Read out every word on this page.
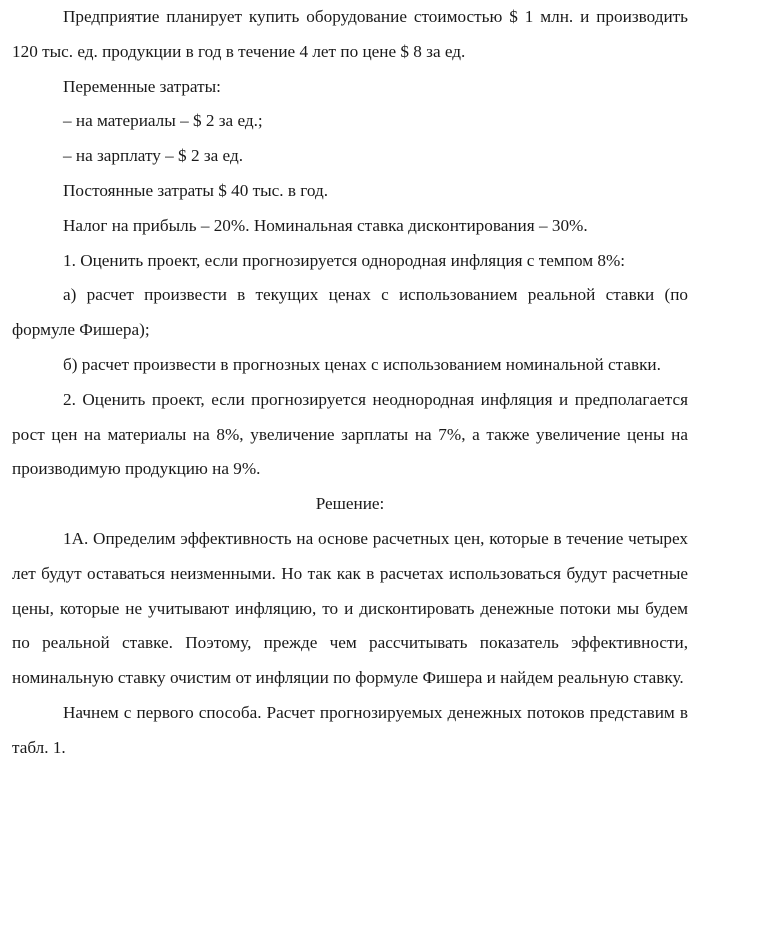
Предприятие планирует купить оборудование стоимостью $ 1 млн. и производить 120 тыс. ед. продукции в год в течение 4 лет по цене $ 8 за ед.

Переменные затраты:

– на материалы – $ 2 за ед.;

– на зарплату – $ 2 за ед.

Постоянные затраты $ 40 тыс. в год.

Налог на прибыль – 20%. Номинальная ставка дисконтирования – 30%.

1. Оценить проект, если прогнозируется однородная инфляция с темпом 8%:

а) расчет произвести в текущих ценах с использованием реальной ставки (по формуле Фишера);

б) расчет произвести в прогнозных ценах с использованием номинальной ставки.

2. Оценить проект, если прогнозируется неоднородная инфляция и предполагается рост цен на материалы на 8%, увеличение зарплаты на 7%, а также увеличение цены на производимую продукцию на 9%.

Решение:

1А. Определим эффективность на основе расчетных цен, которые в течение четырех лет будут оставаться неизменными. Но так как в расчетах использоваться будут расчетные цены, которые не учитывают инфляцию, то и дисконтировать денежные потоки мы будем по реальной ставке. Поэтому, прежде чем рассчитывать показатель эффективности, номинальную ставку очистим от инфляции по формуле Фишера и найдем реальную ставку.

Начнем с первого способа. Расчет прогнозируемых денежных потоков представим в табл. 1.
